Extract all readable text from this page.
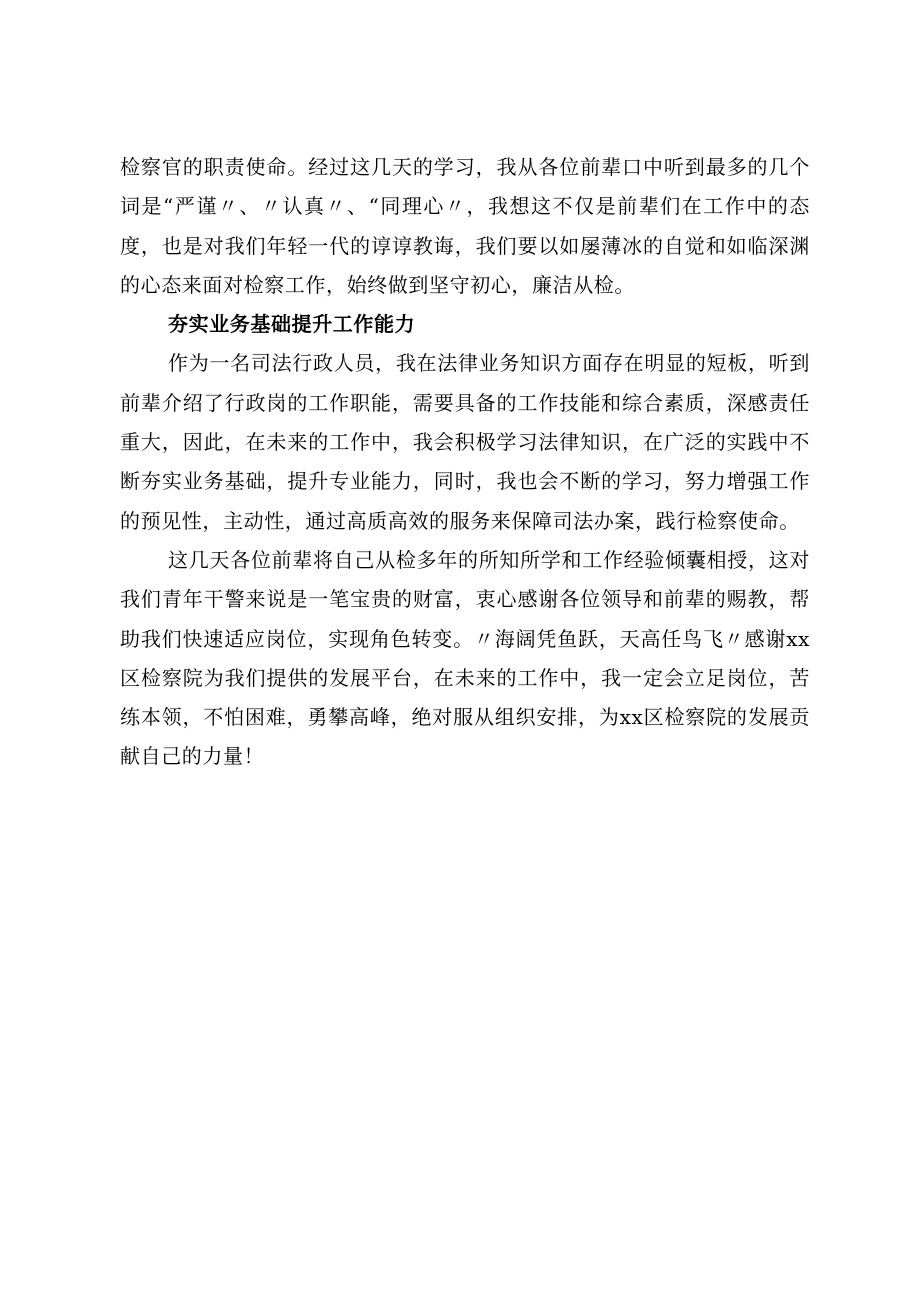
检察官的职责使命。经过这几天的学习，我从各位前辈口中听到最多的几个词是“严谨〃、〃认真〃、“同理心〃，我想这不仅是前辈们在工作中的态度，也是对我们年轻一代的谆谆教诲，我们要以如屡薄冰的自觉和如临深渊的心态来面对检察工作，始终做到坚守初心，廉洁从检。

夯实业务基础提升工作能力

作为一名司法行政人员，我在法律业务知识方面存在明显的短板，听到前辈介绍了行政岗的工作职能，需要具备的工作技能和综合素质，深感责任重大，因此，在未来的工作中，我会积极学习法律知识，在广泛的实践中不断夯实业务基础，提升专业能力，同时，我也会不断的学习，努力增强工作的预见性，主动性，通过高质高效的服务来保障司法办案，践行检察使命。

这几天各位前辈将自己从检多年的所知所学和工作经验倾囊相授，这对我们青年干警来说是一笔宝贵的财富，衷心感谢各位领导和前辈的赐教，帮助我们快速适应岗位，实现角色转变。〃海阔凭鱼跃，天高任鸟飞〃感谢xx区检察院为我们提供的发展平台，在未来的工作中，我一定会立足岗位，苦练本领，不怕困难，勇攀高峰，绝对服从组织安排，为xx区检察院的发展贡献自己的力量！
